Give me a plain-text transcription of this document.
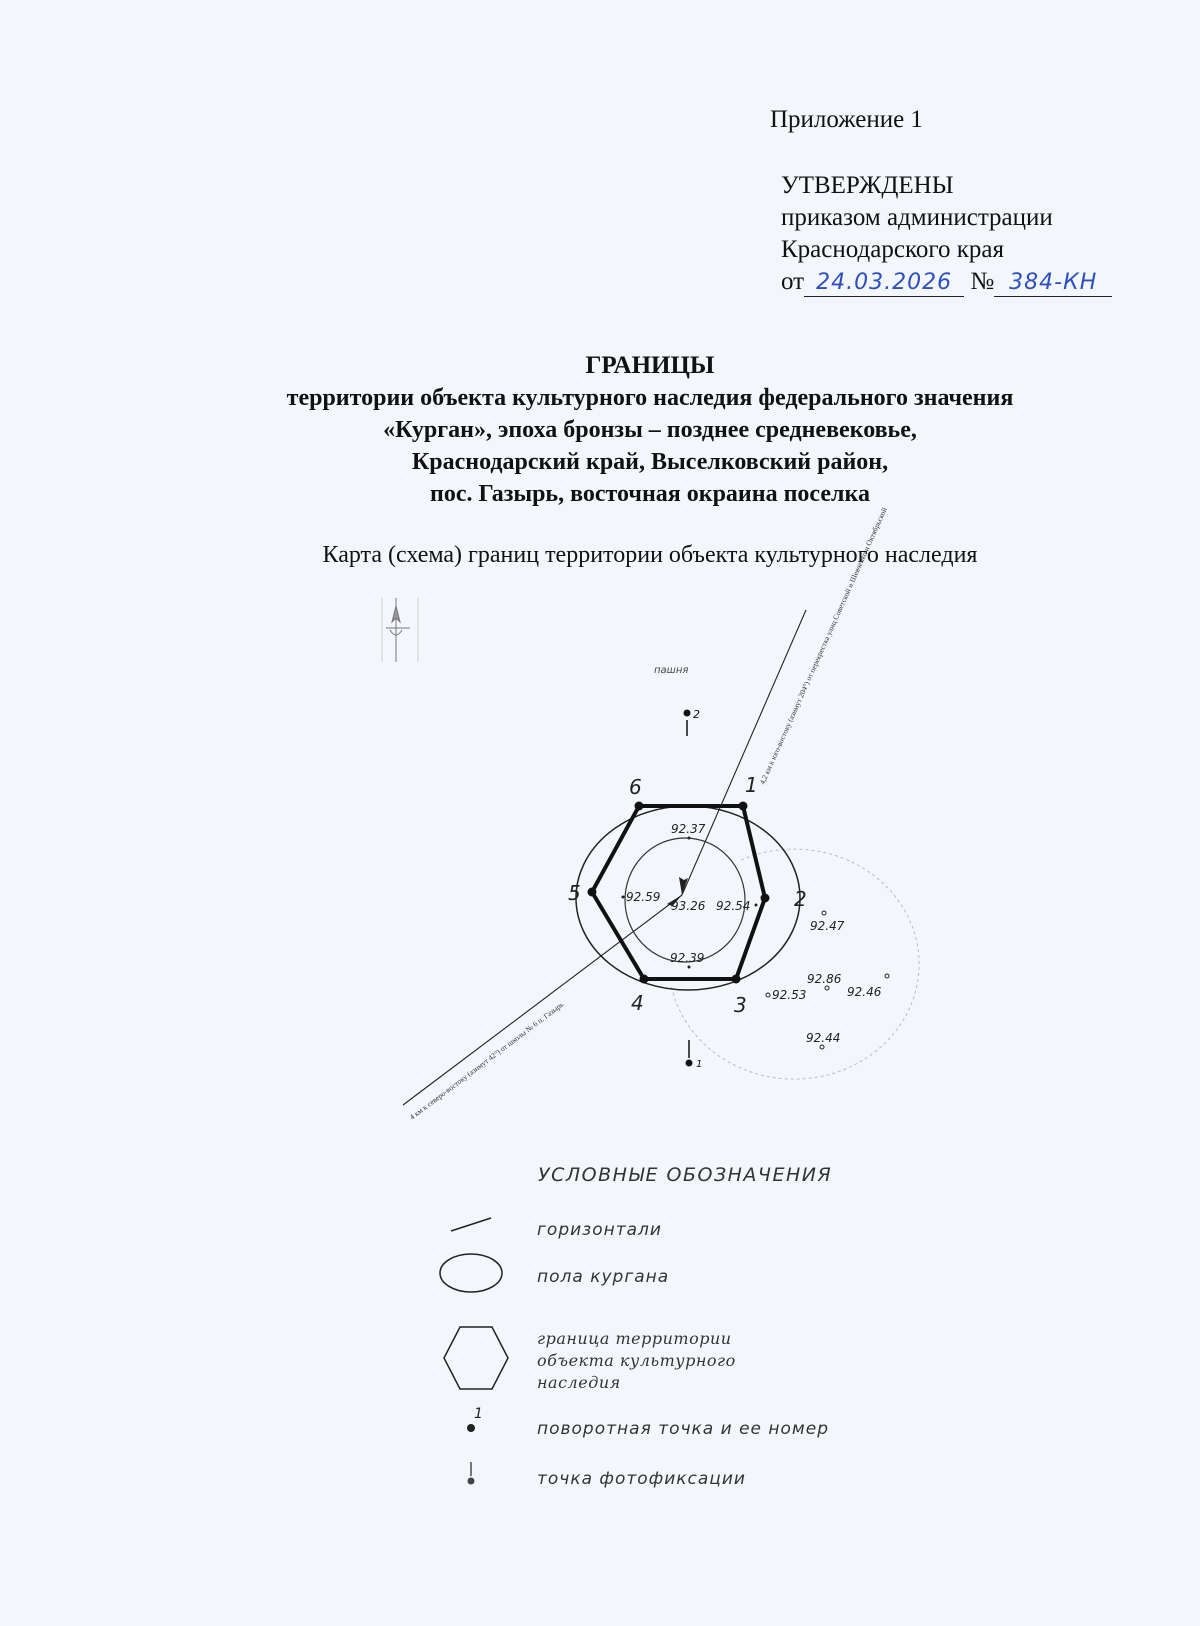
Приложение 1
УТВЕРЖДЕНЫ
приказом администрации
Краснодарского края
от 24.03.2026 № 384-КН
ГРАНИЦЫ
территории объекта культурного наследия федерального значения
«Курган», эпоха бронзы – позднее средневековье,
Краснодарский край, Выселковский район,
пос. Газырь, восточная окраина поселка
Карта (схема) границ территории объекта культурного наследия
пашня
2
1
4,2 км к юго-востоку (азимут 204°) от перекрестка улиц Советской и Шевченко и Октябрьской
4 км к северо-востоку (азимут 42°) от школы № 6 п. Газырь
1
2
3
4
5
6
92.37
92.59
93.26 92.54
92.39
92.47
92.86
92.53	92.46
92.44
1
УСЛОВНЫЕ ОБОЗНАЧЕНИЯ
горизонтали
пола кургана
граница территории объекта культурного наследия
поворотная точка и ее номер
точка фотофиксации
